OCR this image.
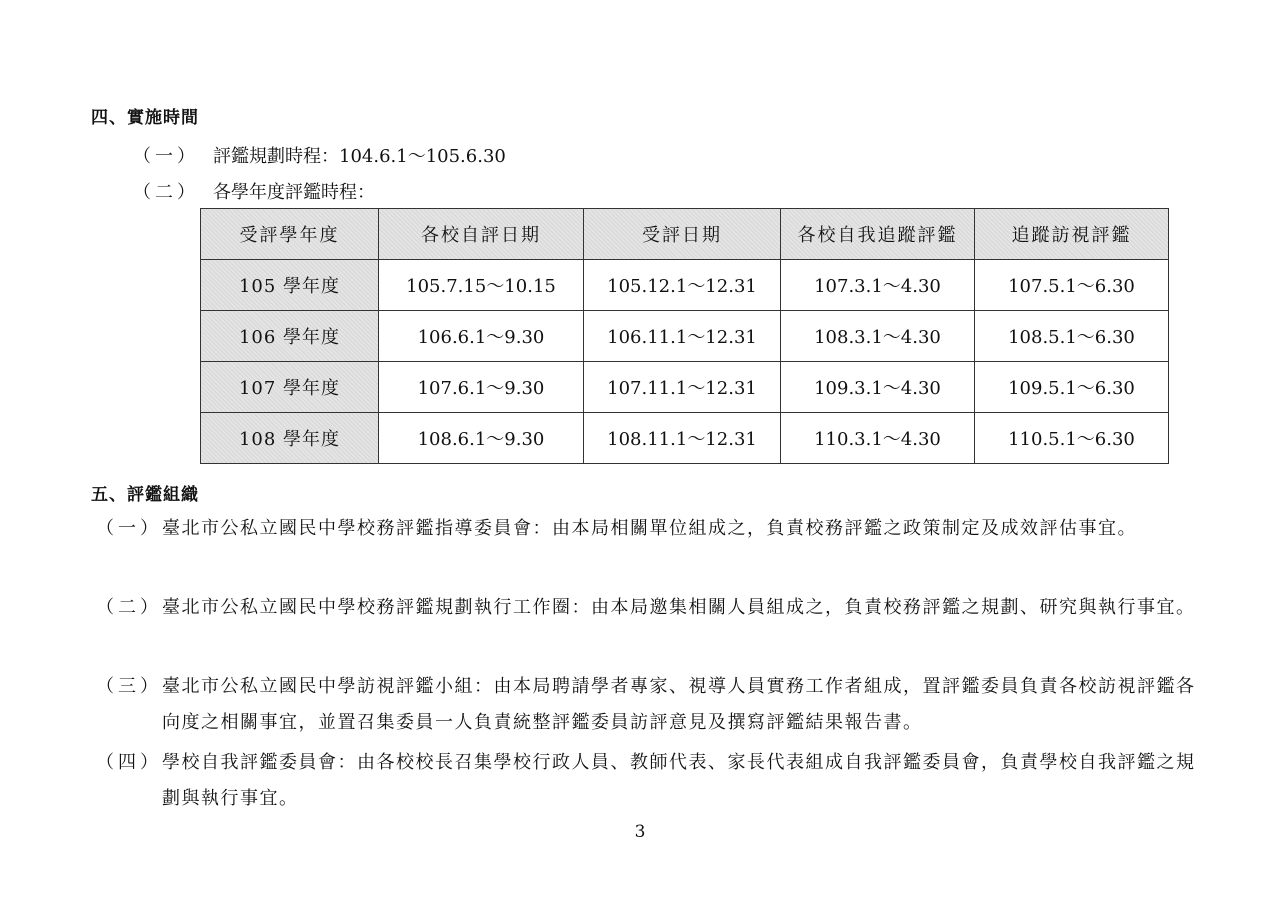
四、實施時間
（一） 評鑑規劃時程：104.6.1～105.6.30
（二） 各學年度評鑑時程：
受評學年度	各校自評日期	受評日期	各校自我追蹤評鑑	追蹤訪視評鑑
105 學年度	105.7.15～10.15	105.12.1～12.31	107.3.1～4.30	107.5.1～6.30
106 學年度	106.6.1～9.30	106.11.1～12.31	108.3.1～4.30	108.5.1～6.30
107 學年度	107.6.1～9.30	107.11.1～12.31	109.3.1～4.30	109.5.1～6.30
108 學年度	108.6.1～9.30	108.11.1～12.31	110.3.1～4.30	110.5.1～6.30
五、評鑑組織
（一） 臺北市公私立國民中學校務評鑑指導委員會：由本局相關單位組成之，負責校務評鑑之政策制定及成效評估事宜。
（二） 臺北市公私立國民中學校務評鑑規劃執行工作圈：由本局邀集相關人員組成之，負責校務評鑑之規劃、研究與執行事宜。
（三） 臺北市公私立國民中學訪視評鑑小組：由本局聘請學者專家、視導人員實務工作者組成，置評鑑委員負責各校訪視評鑑各向度之相關事宜，並置召集委員一人負責統整評鑑委員訪評意見及撰寫評鑑結果報告書。
（四） 學校自我評鑑委員會：由各校校長召集學校行政人員、教師代表、家長代表組成自我評鑑委員會，負責學校自我評鑑之規劃與執行事宜。
3
